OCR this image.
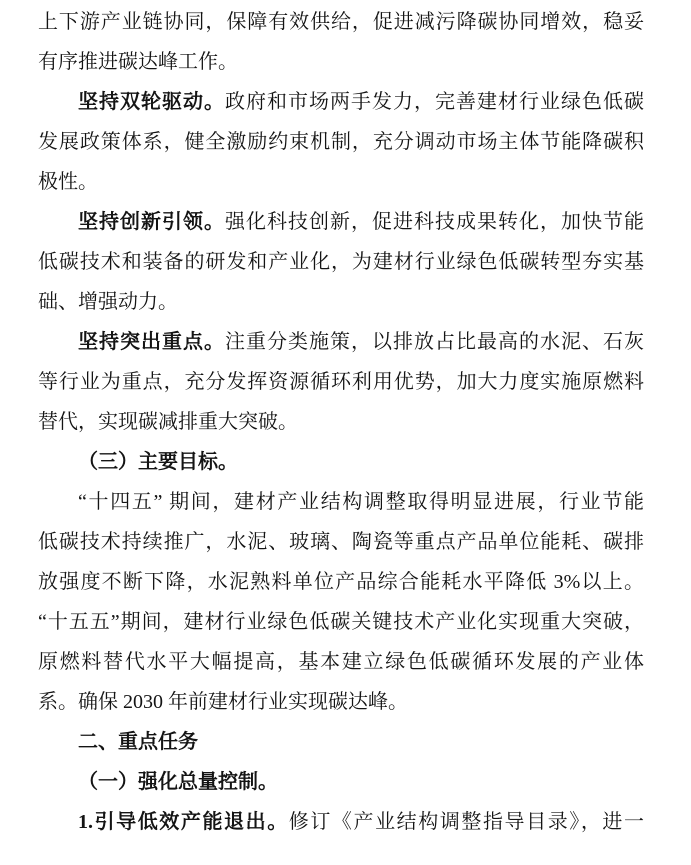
上下游产业链协同，保障有效供给，促进减污降碳协同增效，稳妥
有序推进碳达峰工作。
坚持双轮驱动。政府和市场两手发力，完善建材行业绿色低碳
发展政策体系，健全激励约束机制，充分调动市场主体节能降碳积
极性。
坚持创新引领。强化科技创新，促进科技成果转化，加快节能
低碳技术和装备的研发和产业化，为建材行业绿色低碳转型夯实基
础、增强动力。
坚持突出重点。注重分类施策，以排放占比最高的水泥、石灰
等行业为重点，充分发挥资源循环利用优势，加大力度实施原燃料
替代，实现碳减排重大突破。
（三）主要目标。
“十四五” 期间，建材产业结构调整取得明显进展，行业节能
低碳技术持续推广，水泥、玻璃、陶瓷等重点产品单位能耗、碳排
放强度不断下降，水泥熟料单位产品综合能耗水平降低 3%以上。
“十五五”期间，建材行业绿色低碳关键技术产业化实现重大突破，
原燃料替代水平大幅提高，基本建立绿色低碳循环发展的产业体
系。确保 2030 年前建材行业实现碳达峰。
二、重点任务
（一）强化总量控制。
1.引导低效产能退出。修订《产业结构调整指导目录》，进一
